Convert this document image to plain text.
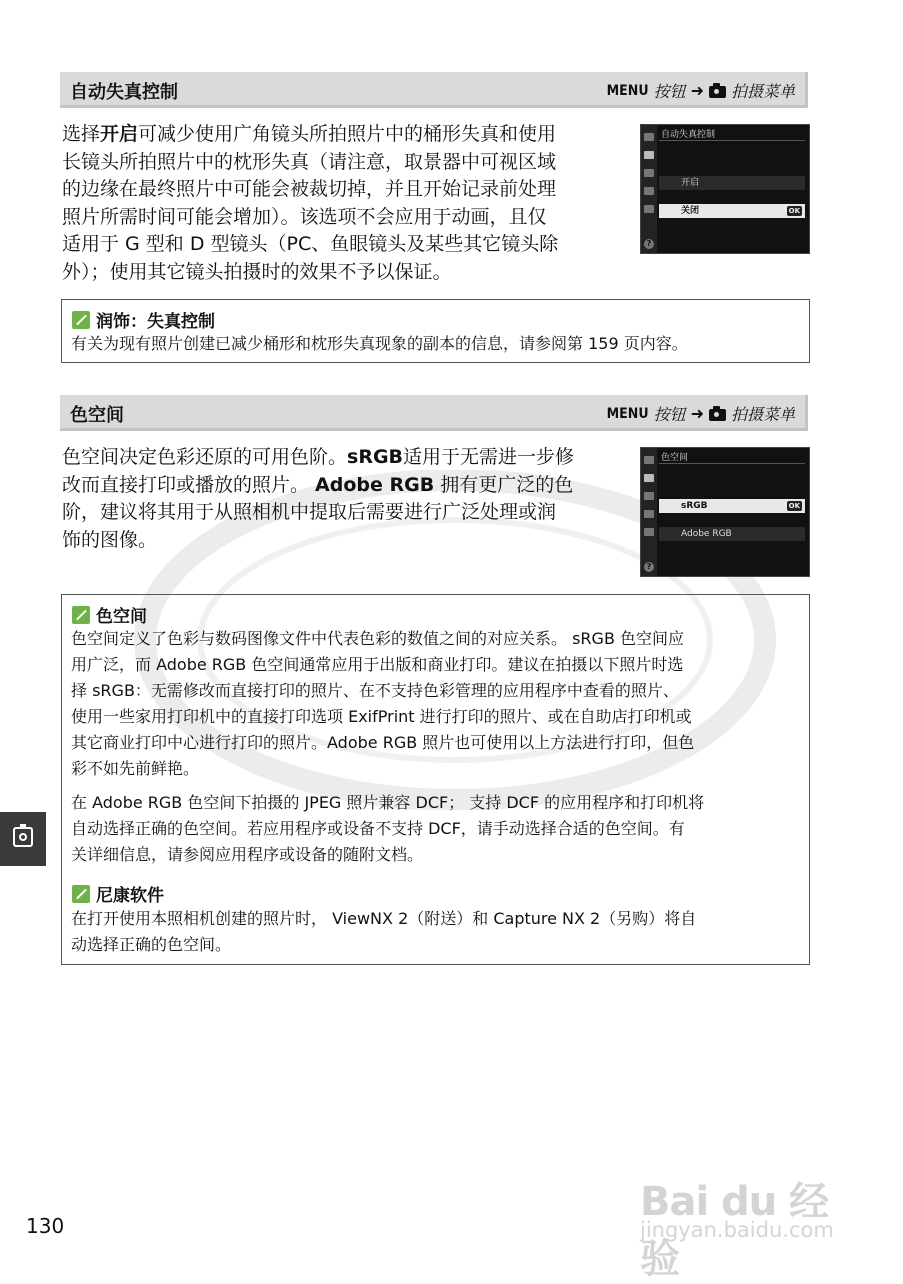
自动失真控制	MENU 按钮 ➜ 拍摄菜单
选择开启可减少使用广角镜头所拍照片中的桶形失真和使用
长镜头所拍照片中的枕形失真（请注意，取景器中可视区域
的边缘在最终照片中可能会被裁切掉，并且开始记录前处理
照片所需时间可能会增加）。该选项不会应用于动画，且仅
适用于 G 型和 D 型镜头（PC、鱼眼镜头及某些其它镜头除
外）；使用其它镜头拍摄时的效果不予以保证。
?
自动失真控制
开启
关闭	OK
润饰：失真控制
有关为现有照片创建已减少桶形和枕形失真现象的副本的信息，请参阅第 159 页内容。
色空间	MENU 按钮 ➜ 拍摄菜单
色空间决定色彩还原的可用色阶。sRGB适用于无需进一步修
改而直接打印或播放的照片。 Adobe RGB 拥有更广泛的色
阶，建议将其用于从照相机中提取后需要进行广泛处理或润
饰的图像。
?
色空间
sRGB	OK
Adobe RGB
色空间
色空间定义了色彩与数码图像文件中代表色彩的数值之间的对应关系。 sRGB 色空间应
用广泛，而 Adobe RGB 色空间通常应用于出版和商业打印。建议在拍摄以下照片时选
择 sRGB：无需修改而直接打印的照片、在不支持色彩管理的应用程序中查看的照片、
使用一些家用打印机中的直接打印选项 ExifPrint 进行打印的照片、或在自助店打印机或
其它商业打印中心进行打印的照片。Adobe RGB 照片也可使用以上方法进行打印，但色
彩不如先前鲜艳。
在 Adobe RGB 色空间下拍摄的 JPEG 照片兼容 DCF； 支持 DCF 的应用程序和打印机将
自动选择正确的色空间。若应用程序或设备不支持 DCF，请手动选择合适的色空间。有
关详细信息，请参阅应用程序或设备的随附文档。
尼康软件
在打开使用本照相机创建的照片时， ViewNX 2（附送）和 Capture NX 2（另购）将自
动选择正确的色空间。
130
Bai du 经验
jingyan.baidu.com
